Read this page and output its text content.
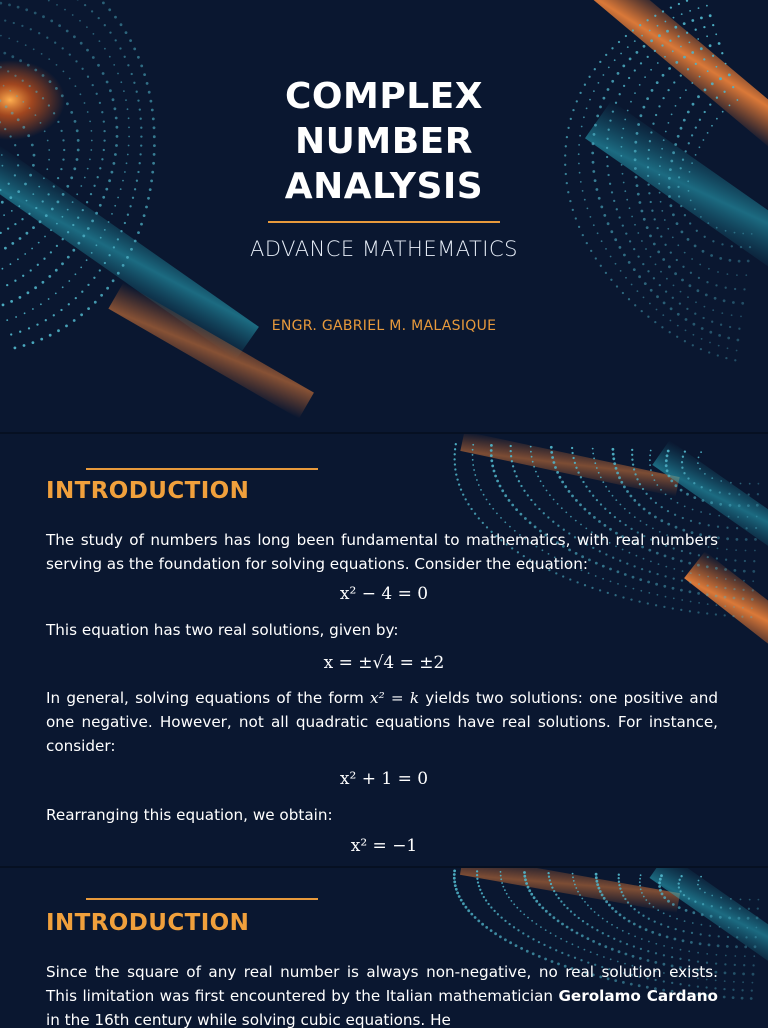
COMPLEX
NUMBER
ANALYSIS
ADVANCE MATHEMATICS
ENGR. GABRIEL M. MALASIQUE
INTRODUCTION
The study of numbers has long been fundamental to mathematics, with real numbers serving as the foundation for solving equations. Consider the equation:
x² − 4 = 0
This equation has two real solutions, given by:
x = ±√4 = ±2
In general, solving equations of the form x² = k yields two solutions: one positive and one negative. However, not all quadratic equations have real solutions. For instance, consider:
x² + 1 = 0
Rearranging this equation, we obtain:
x² = −1
INTRODUCTION
Since the square of any real number is always non-negative, no real solution exists. This limitation was first encountered by the Italian mathematician Gerolamo Cardano in the 16th century while solving cubic equations. He
